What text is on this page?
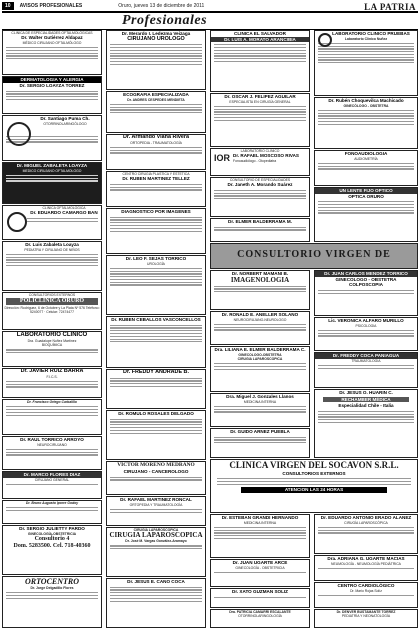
10	AVISOS PROFESIONALES	Oruro, jueves 13 de diciembre de 2011	LA PATRIA
Profesionales
CLINICA DE ESPECIALIDADES OFTALMOLÓGICAS
Dr. Walter Gutiérrez Aldapaz
MÉDICO CIRUJANO OFTALMÓLOGO
DERMATOLOGIA Y ALERGIA
Dr. SERGIO LOAYZA TORREZ
Dr. Santiago Puma Ch.
OTORRINOLARINGÓLOGO
Dr. MIGUEL ZABALETA LOAYZA
MEDICO CIRUJANO OFTALMOLOGO
CLINICA OFTALMOLOGICA
Dr. EDUARDO CAMARGO BAN
Dr. Luis Zabaleta Loayza
PEDIATRA Y CIRUJANO DE NIÑOS
CONSULTORIOS EXTERNOS
POLICLÍNICA ORURO
Dirección: Rodríguez, 6 de Octubre y La Plata Nº 576 Teléfono: 5240077 · Celular: 72474477
LABORATORIO CLINICO
Dra. Guadalupe Nuñez Martínez
BIOQUÍMICA
Dr. JAVIER RUIZ BARRA
F.I.C.S.
Dr. Francisco Ortego Carbalillo
Dr. RAUL TORRICO ARROYO
NEUROCIRUJANO
Dr. MARCO FLORES DIAZ
CIRUJANO GENERAL
Dr. Bruno Augusto Iporre Godoy
Dr. SERGIO JULIETTY PARDO
GINECOLOGÍA-OBSTETRICIA
Consultorio 4
Dom. 5283500. Cel. 718-40360
ORTOCENTRO
Dr. Jorge Delgadillo Flores
Dr. Merardo I. Ledezma Veizaga
CIRUJANO UROLOGO
ECOGRAFIA ESPECIALIZADA
Dr. ANDRES CESPEDES MENDIETA
Dr. Armando Viaña Rivera
ORTOPEDIA - TRAUMATOLOGÍA
CENTRO CIRUGIA PLASTICA Y ESTETICA
Dr. RUBEN MARTINEZ TELLEZ
DIAGNOSTICO POR IMAGENES
Dr. LEO F. SEJAS TORRICO
UROLOGÍA
Dr. RUBEN CEBALLOS VASCONCELLOS
Dr. FREDDY ANDRADE B.
Dr. ROMULO ROSALES DELGADO
VICTOR MORENO MEDRANO
CIRUJANO - CANCEROLOGO
Dr. RAFAEL MARTINEZ RONCAL
ORTOPEDIA Y TRAUMATOLOGÍA
CIRUGIA LAPAROSCOPICA
CIRUGIA LAPAROSCOPICA
Dr. José M. Vargas González-Aramayo
Dr. JESUS E. CANO COCA
CLINICA EL SALVADOR
Dr. LUIS A. MORATO ARANCIBIA
Dr. OSCAR J. FELIPEZ AGUILAR
ESPECIALISTA EN CIRUGÍA GENERAL
LABORATORIO CLINICO
IOR Dr. RAFAEL MOSCOSO RIVAS
Fonoaudiólogo - Otopediatra
CONSULTORIO DE ESPECIALIDADES
Dr. Janeth A. Morando Suárez
Dr. ELMER BALDERRAMA M.
CONSULTORIO VIRGEN DE
Dr. NORBERT MAMANI B.
IMAGENOLOGIA
Dr. RONALD E. ANELLER SOLANO
NEUROCIRUJANO-NEUROLOGO
Dra. LILIANA E. ELMER BALDERRAMA C.
GINECOLOGO-OBSTETRA
CIRUGIA LAPAROSCOPICA
Dra. Miguel J. Gonzales Llanos
MEDICINA INTERNA
Dr. GUIDO ARNEZ PUEBLA
CLINICA VIRGEN DEL SOCAVON S.R.L.
CONSULTORIOS EXTERNOS
ATENCION LAS 24 HORAS
Dr. ESTEBAN GRANDI HERNANDO
MEDICINA INTERNA
Dr. JUAN UGARTE ARCE
GINECOLOGÍA - OBSTETRICIA
Dr. XATO GUZMAN SOLIZ
Dra. PATRICIA CAMARRI ESCALANTE
OTORRINOLARINGOLOGÍA
LABORATORIO CLINICO PRUEBAS
Laboratorio Clínico Nuñez
Dr. Rubén Choquevilca Machicado
GINECÓLOGO - OBSTETRA
FONOAUDIOLOGIA
AUDIOMETRÍA
UN LENTE FIJO OPTICO
OPTICA ORURO
Dr. JUAN CARLOS MENDEZ TORRICO
GINECOLOGO - OBSTETRA
COLPOSCOPIA
Lic. VERONICA ALFARO MURILLO
PSICOLOGIA
Dr. FREDDY COCA PANIAGUA
TRAUMATOLOGIA
Dr. JESUS O. HUARIN C.
RECHAMBER MÉDICA
Especialidad Chile - Italia
Dr. EDUARDO ANTONIO ERADO ALANEZ
CIRUGÍA LAPAROSCÓPICA
Dra. ADRIANA G. UGARTE MACIAS
NEUMOLOGÍA - NEUMOLOGÍA PEDIÁTRICA
CENTRO CARDIOLÓGICO
Dr. Mario Rojas Solíz
Dr. DENVER BUSTAMANTE TORREZ
PEDIATRÍA Y NEONATOLOGÍA
